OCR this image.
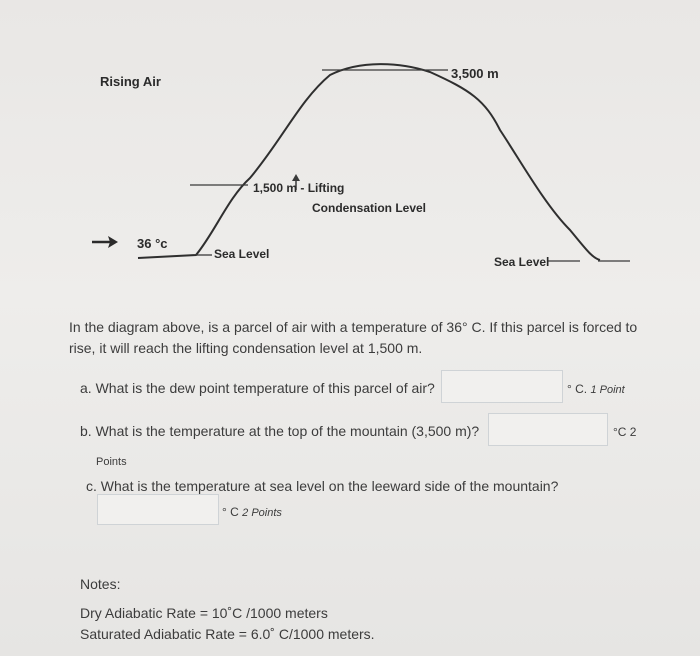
Rising Air
3,500 m
1,500 m - Lifting
Condensation Level
36 °c
Sea Level
Sea Level
In the diagram above, is a parcel of air with a temperature of 36° C. If this parcel is forced to
rise, it will reach the lifting condensation level at 1,500 m.
a. What is the dew point temperature of this parcel of air?	° C. 1 Point
b. What is the temperature at the top of the mountain (3,500 m)?	°C 2
Points
c. What is the temperature at sea level on the leeward side of the mountain?
° C 2 Points
Notes:
Dry Adiabatic Rate = 10˚C /1000 meters
Saturated Adiabatic Rate = 6.0˚ C/1000 meters.
